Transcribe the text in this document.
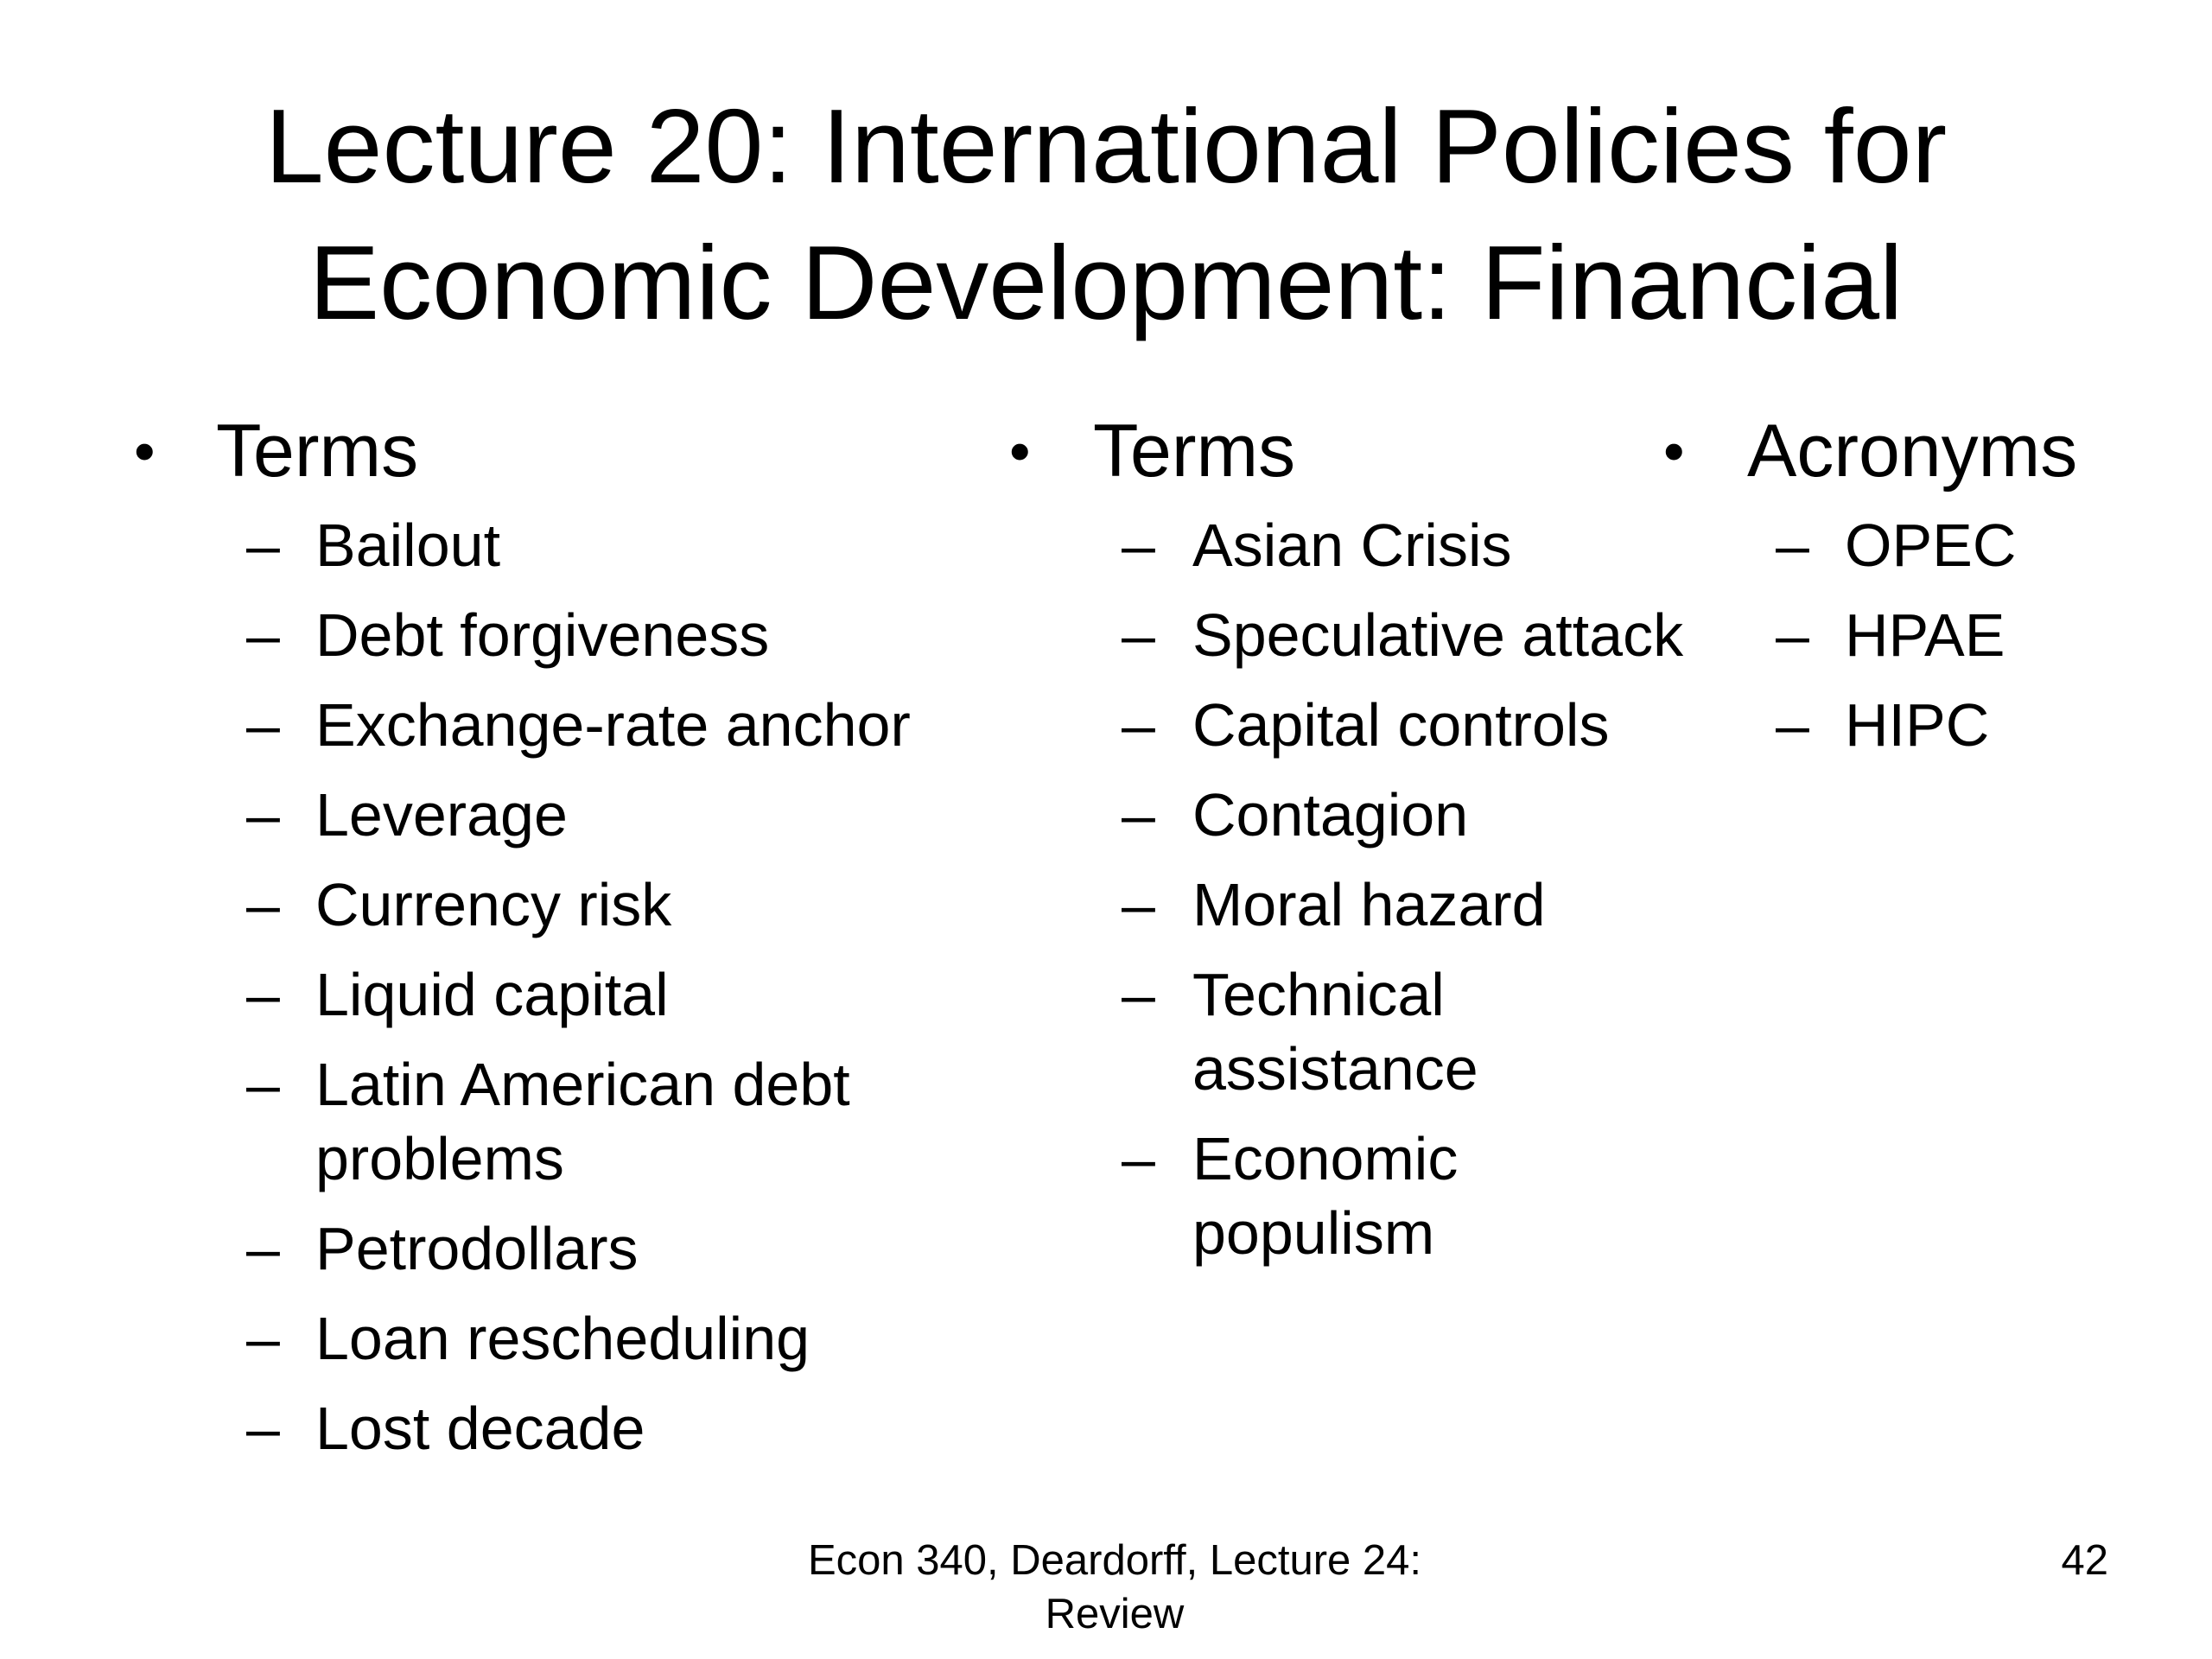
Lecture 20: International Policies for
Economic Development: Financial
• Terms
– Bailout
– Debt forgiveness
– Exchange-rate anchor
– Leverage
– Currency risk
– Liquid capital
– Latin American debt problems
– Petrodollars
– Loan rescheduling
– Lost decade
• Terms
– Asian Crisis
– Speculative attack
– Capital controls
– Contagion
– Moral hazard
– Technical assistance
– Economic populism
• Acronyms
– OPEC
– HPAE
– HIPC
Econ 340, Deardorff, Lecture 24:
Review
42
